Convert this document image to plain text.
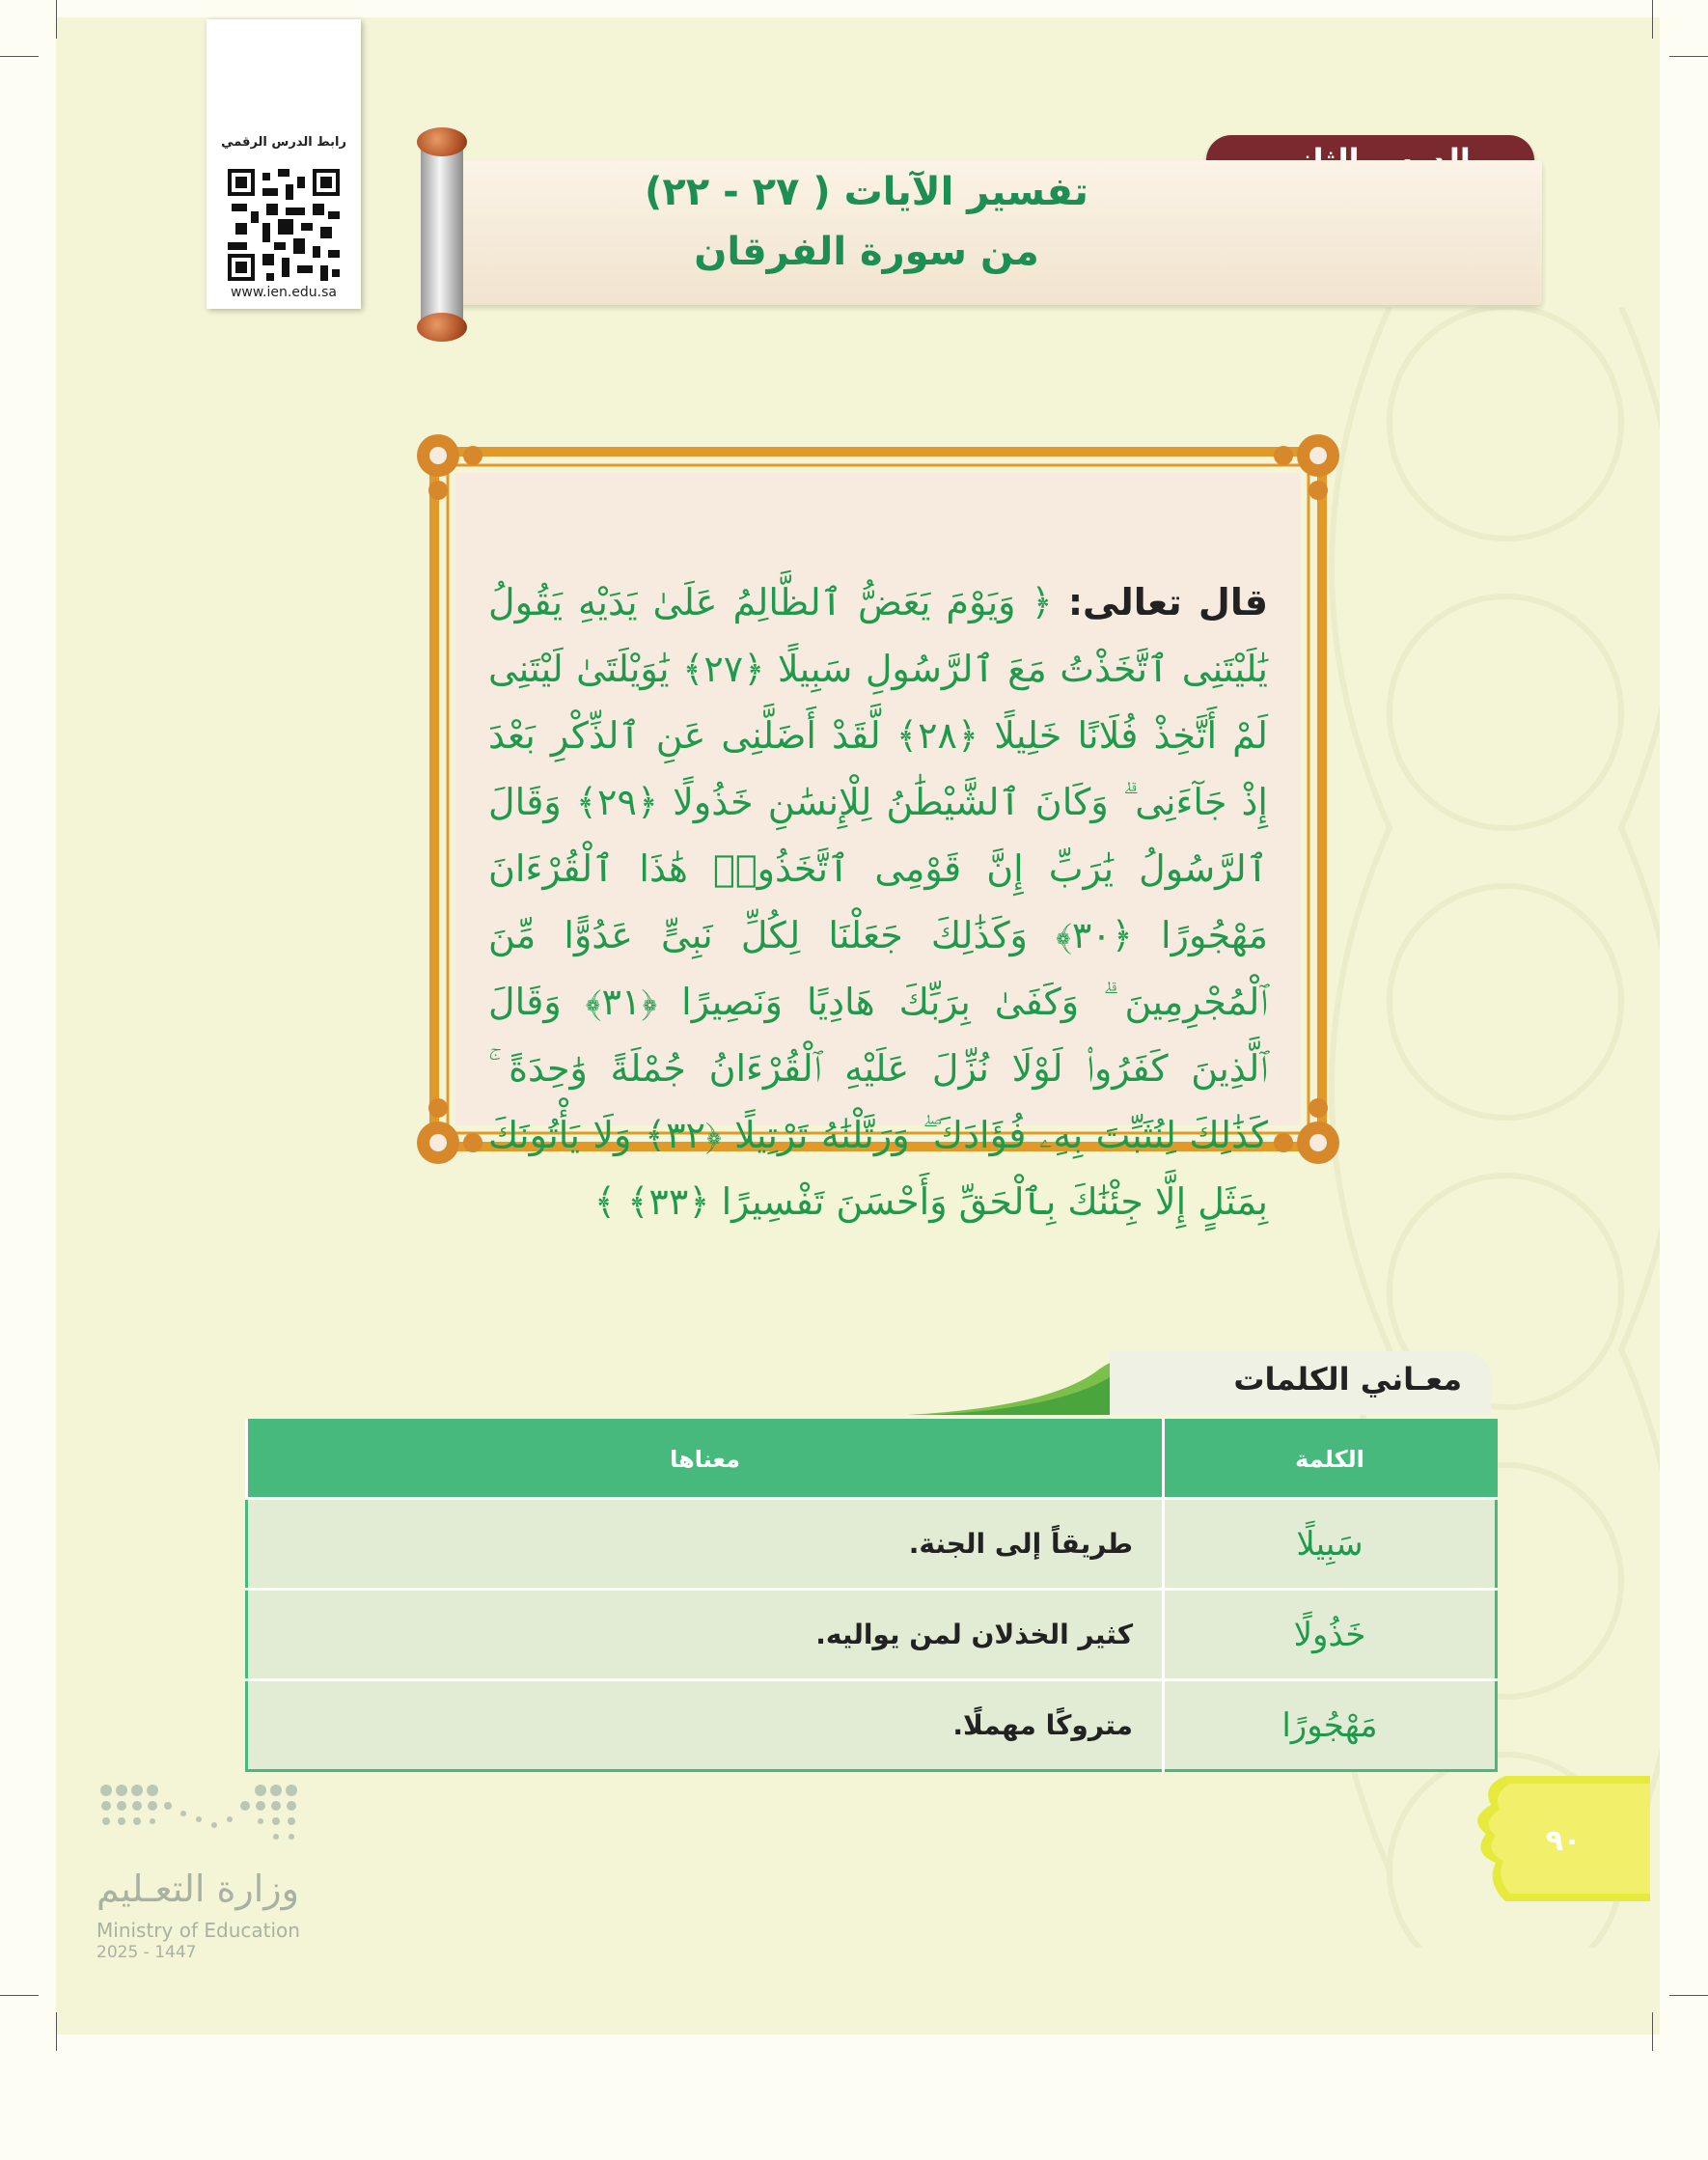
رابط الدرس الرقمي
www.ien.edu.sa
تفسير الآيات ( ٢٧ - ٢٢)
من سورة الفرقان
قال تعالى: ﴿ وَيَوْمَ يَعَضُّ ٱلظَّالِمُ عَلَىٰ يَدَيْهِ يَقُولُ يَٰلَيْتَنِى ٱتَّخَذْتُ مَعَ ٱلرَّسُولِ سَبِيلًا ﴿٢٧﴾ يَٰوَيْلَتَىٰ لَيْتَنِى لَمْ أَتَّخِذْ فُلَانًا خَلِيلًا ﴿٢٨﴾ لَّقَدْ أَضَلَّنِى عَنِ ٱلذِّكْرِ بَعْدَ إِذْ جَآءَنِى ۗ وَكَانَ ٱلشَّيْطَٰنُ لِلْإِنسَٰنِ خَذُولًا ﴿٢٩﴾ وَقَالَ ٱلرَّسُولُ يَٰرَبِّ إِنَّ قَوْمِى ٱتَّخَذُوا۟ هَٰذَا ٱلْقُرْءَانَ مَهْجُورًا ﴿٣٠﴾ وَكَذَٰلِكَ جَعَلْنَا لِكُلِّ نَبِىٍّ عَدُوًّا مِّنَ ٱلْمُجْرِمِينَ ۗ وَكَفَىٰ بِرَبِّكَ هَادِيًا وَنَصِيرًا ﴿٣١﴾ وَقَالَ ٱلَّذِينَ كَفَرُوا۟ لَوْلَا نُزِّلَ عَلَيْهِ ٱلْقُرْءَانُ جُمْلَةً وَٰحِدَةً ۚ كَذَٰلِكَ لِنُثَبِّتَ بِهِۦ فُؤَادَكَ ۖ وَرَتَّلْنَٰهُ تَرْتِيلًا ﴿٣٢﴾ وَلَا يَأْتُونَكَ بِمَثَلٍ إِلَّا جِئْنَٰكَ بِٱلْحَقِّ وَأَحْسَنَ تَفْسِيرًا ﴿٣٣﴾ ﴾
معـاني الكلمات
الكلمة	معناها
سَبِيلًا	طريقاً إلى الجنة.
خَذُولًا	كثير الخذلان لمن يواليه.
مَهْجُورًا	متروكًا مهملًا.
٩٠
وزارة التعـليم
Ministry of Education
2025 - 1447
